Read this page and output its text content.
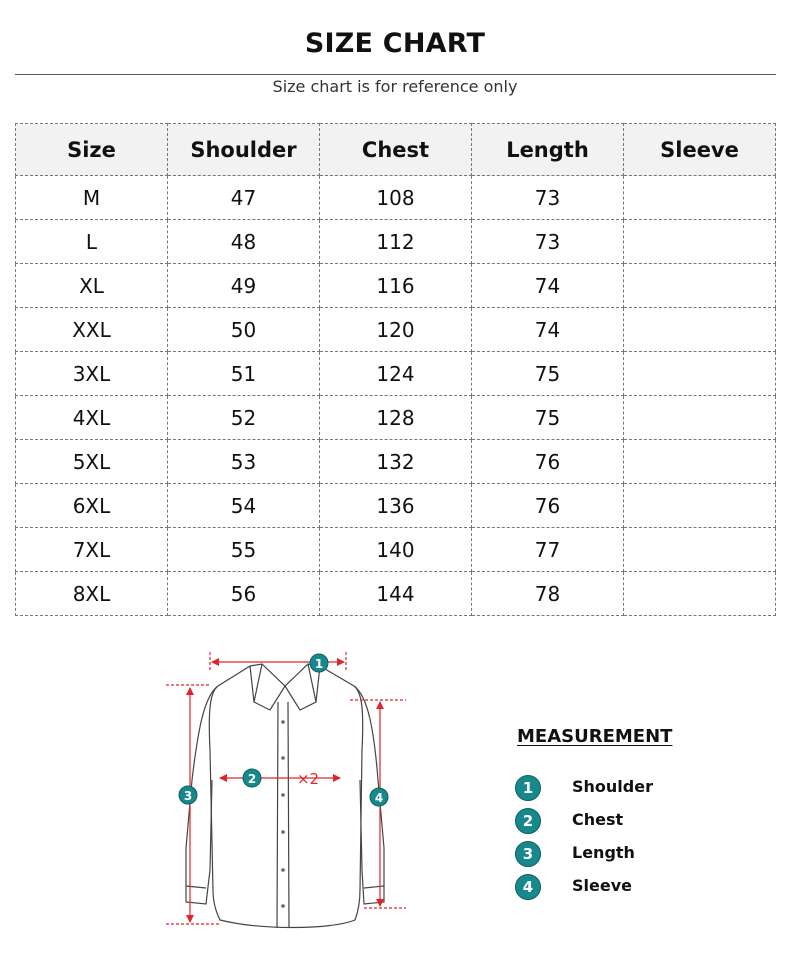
SIZE CHART
Size chart is for reference only
Size	Shoulder	Chest	Length	Sleeve
M	47	108	73	
L	48	112	73	
XL	49	116	74	
XXL	50	120	74	
3XL	51	124	75	
4XL	52	128	75	
5XL	53	132	76	
6XL	54	136	76	
7XL	55	140	77	
8XL	56	144	78	
1
2	×2
3	4
MEASUREMENT
1	Shoulder
2	Chest
3	Length
4	Sleeve
